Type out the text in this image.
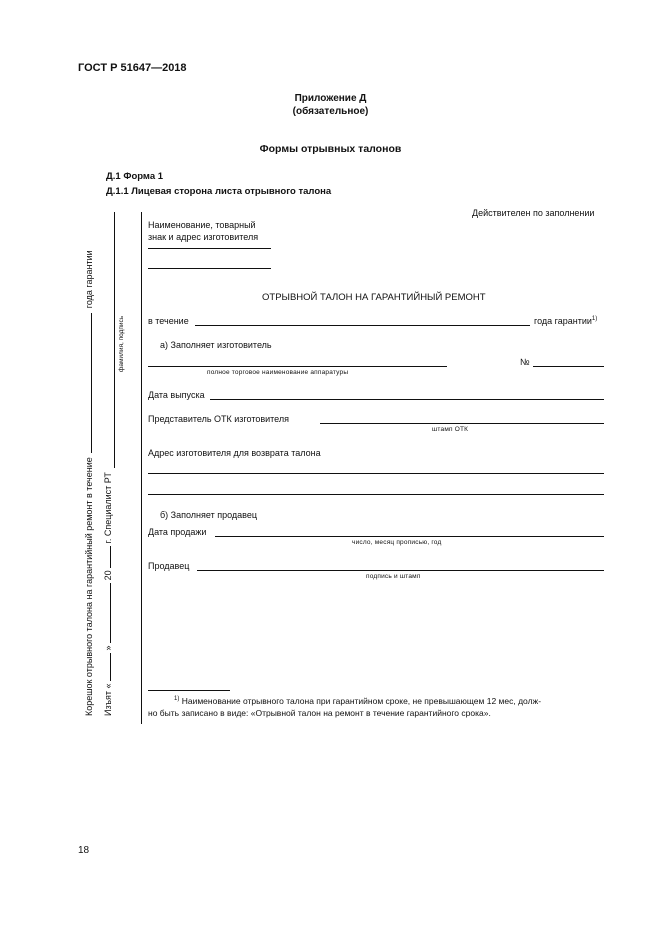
ГОСТ Р 51647—2018
Приложение Д
(обязательное)
Формы отрывных талонов
Д.1 Форма 1
Д.1.1 Лицевая сторона листа отрывного талона
Корешок отрывного талона на гарантийный ремонт в течение  года гарантии
Изъят «  »  20  г. Специалист РТ
фамилия, подпись
Действителен по заполнении
Наименование, товарный
знак и адрес изготовителя
ОТРЫВНОЙ ТАЛОН НА ГАРАНТИЙНЫЙ РЕМОНТ
в течение	года гарантии$^{1)}$
а) Заполняет изготовитель
№
полное торговое наименование аппаратуры
Дата выпуска
Представитель ОТК изготовителя
штамп ОТК
Адрес изготовителя для возврата талона
б) Заполняет продавец
Дата продажи
число, месяц прописью, год
Продавец
подпись и штамп
$^{1)}$ Наименование отрывного талона при гарантийном сроке, не превышающем 12 мес, долж-
но быть записано в виде: «Отрывной талон на ремонт в течение гарантийного срока».
18
